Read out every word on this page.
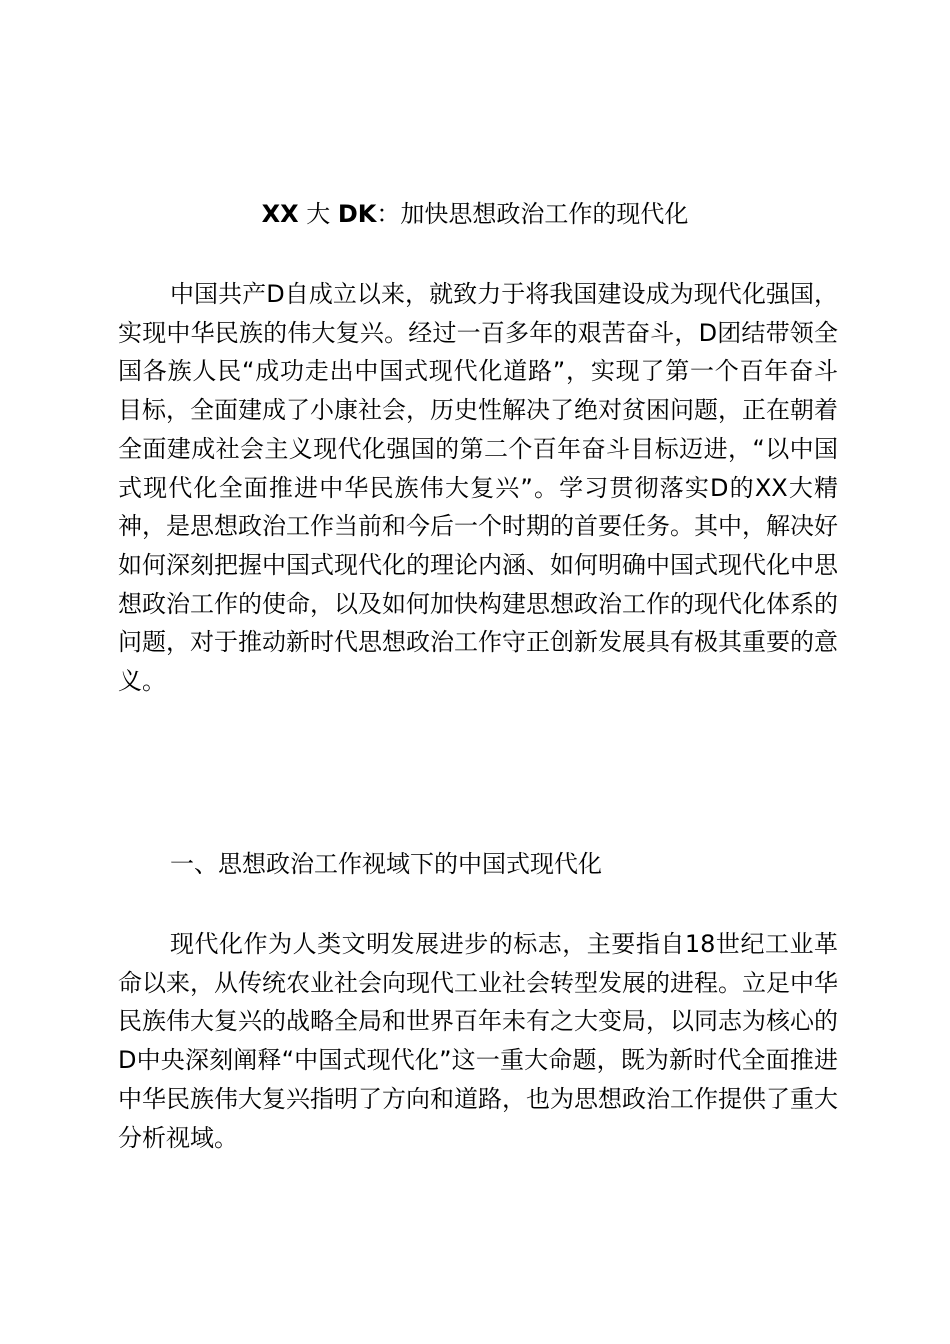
XX 大 DK：加快思想政治工作的现代化

中国共产D自成立以来，就致力于将我国建设成为现代化强国，实现中华民族的伟大复兴。经过一百多年的艰苦奋斗，D团结带领全国各族人民“成功走出中国式现代化道路”，实现了第一个百年奋斗目标，全面建成了小康社会，历史性解决了绝对贫困问题，正在朝着全面建成社会主义现代化强国的第二个百年奋斗目标迈进，“以中国式现代化全面推进中华民族伟大复兴”。学习贯彻落实D的XX大精神，是思想政治工作当前和今后一个时期的首要任务。其中，解决好如何深刻把握中国式现代化的理论内涵、如何明确中国式现代化中思想政治工作的使命，以及如何加快构建思想政治工作的现代化体系的问题，对于推动新时代思想政治工作守正创新发展具有极其重要的意义。

一、思想政治工作视域下的中国式现代化

现代化作为人类文明发展进步的标志，主要指自18世纪工业革命以来，从传统农业社会向现代工业社会转型发展的进程。立足中华民族伟大复兴的战略全局和世界百年未有之大变局，以同志为核心的D中央深刻阐释“中国式现代化”这一重大命题，既为新时代全面推进中华民族伟大复兴指明了方向和道路，也为思想政治工作提供了重大分析视域。
